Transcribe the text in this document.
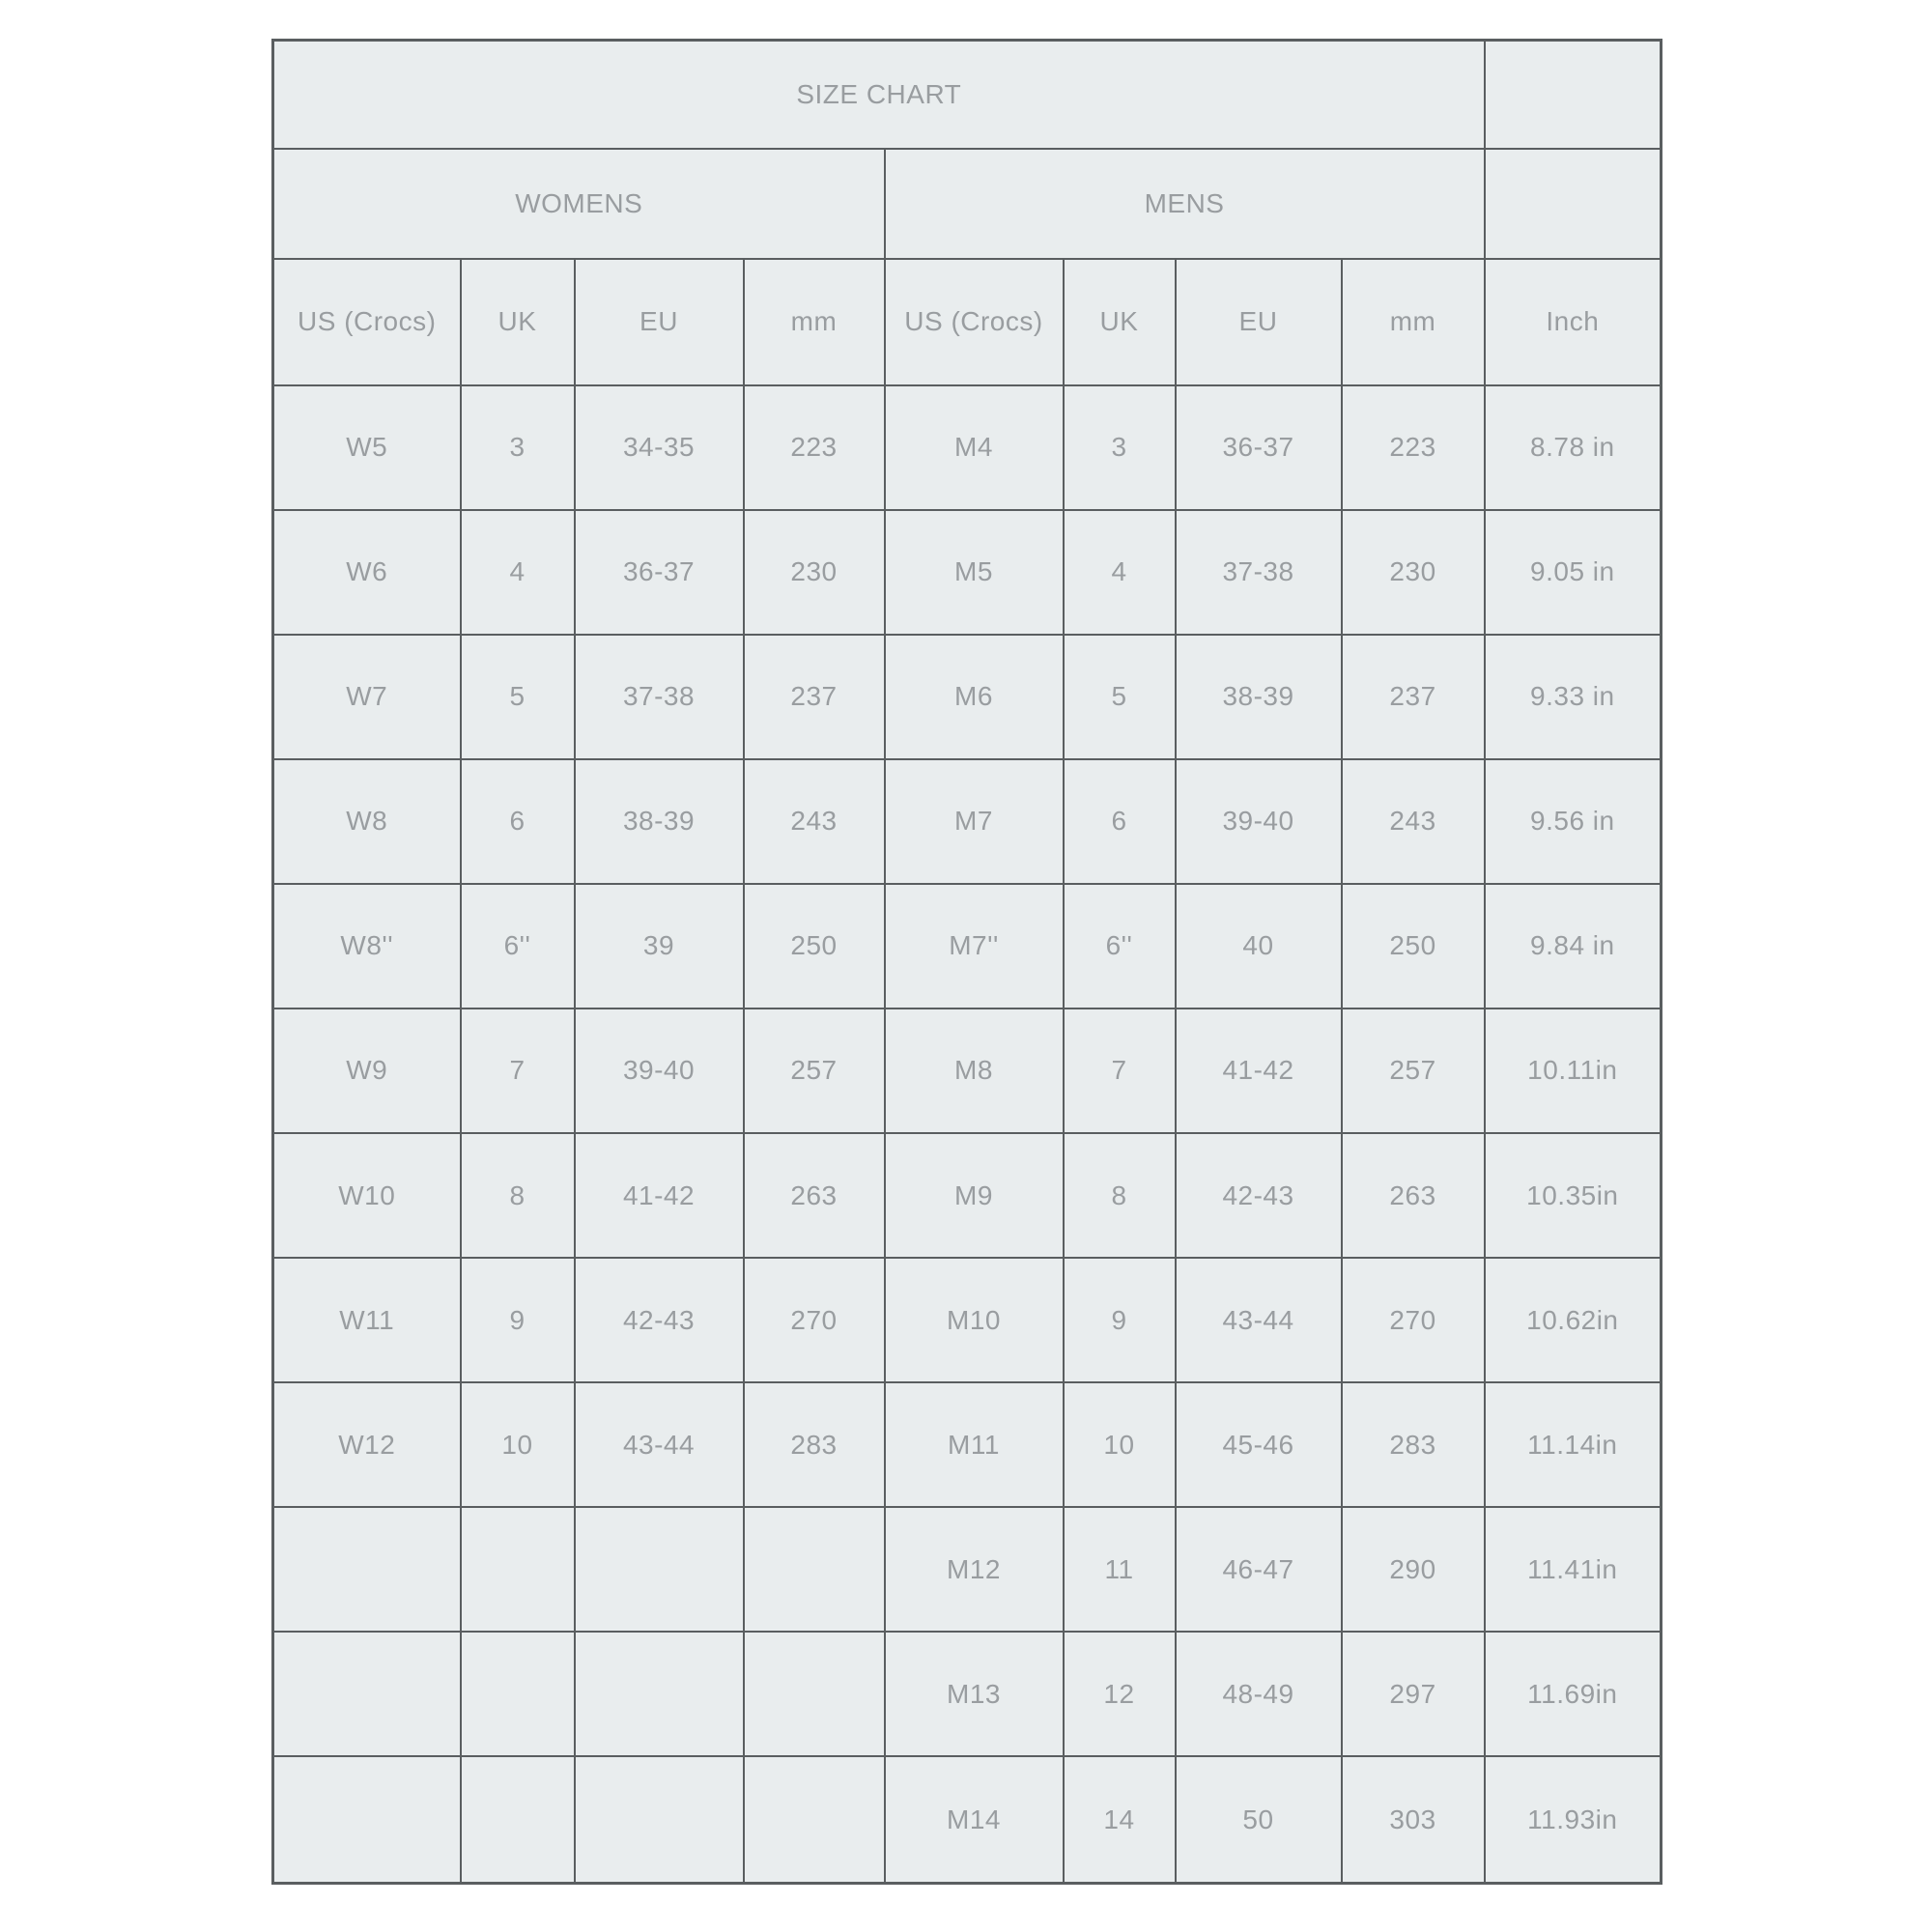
SIZE CHART								
WOMENS				MENS				
US (Crocs)	UK	EU	mm	US (Crocs)	UK	EU	mm	Inch
W5	3	34-35	223	M4	3	36-37	223	8.78 in
W6	4	36-37	230	M5	4	37-38	230	9.05 in
W7	5	37-38	237	M6	5	38-39	237	9.33 in
W8	6	38-39	243	M7	6	39-40	243	9.56 in
W8''	6''	39	250	M7''	6''	40	250	9.84 in
W9	7	39-40	257	M8	7	41-42	257	10.11in
W10	8	41-42	263	M9	8	42-43	263	10.35in
W11	9	42-43	270	M10	9	43-44	270	10.62in
W12	10	43-44	283	M11	10	45-46	283	11.14in
				M12	11	46-47	290	11.41in
				M13	12	48-49	297	11.69in
				M14	14	50	303	11.93in
